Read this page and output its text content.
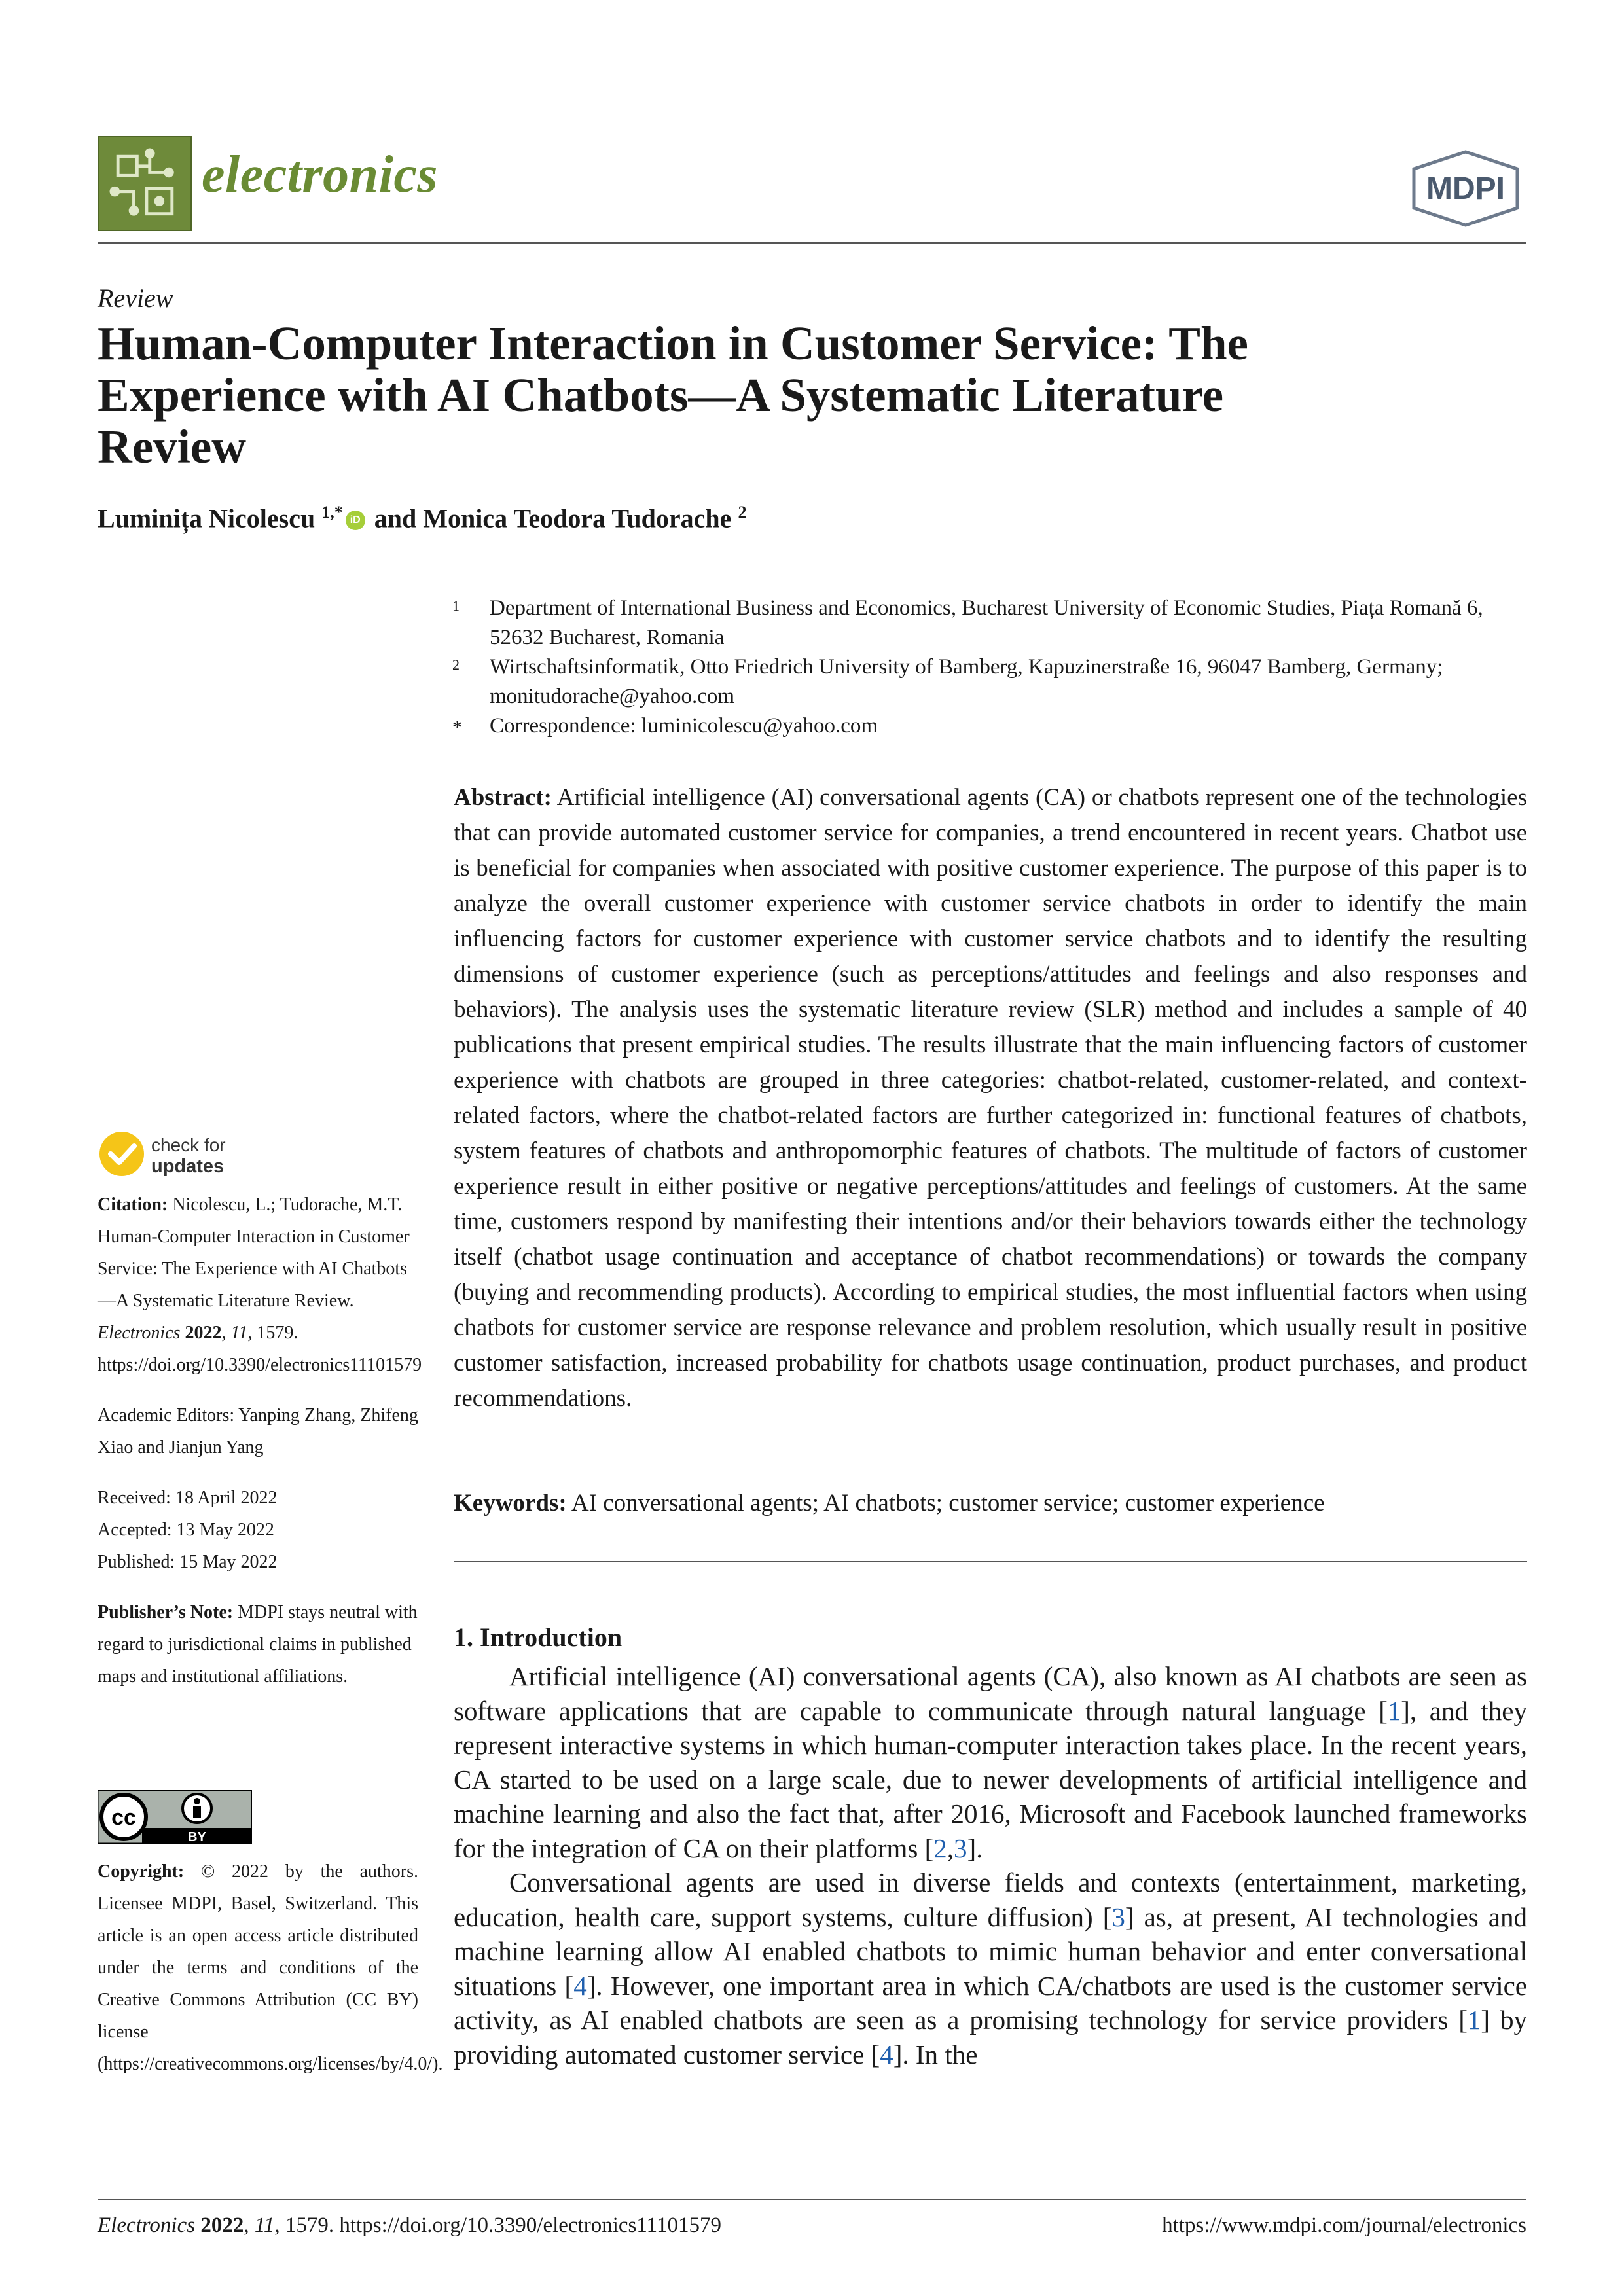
electronics	MDPI
Review
Human-Computer Interaction in Customer Service: The Experience with AI Chatbots—A Systematic Literature Review
Luminița Nicolescu $^{1,*}$ iD and Monica Teodora Tudorache $^2$
1 Department of International Business and Economics, Bucharest University of Economic Studies, Piața Romană 6, 52632 Bucharest, Romania
2 Wirtschaftsinformatik, Otto Friedrich University of Bamberg, Kapuzinerstraße 16, 96047 Bamberg, Germany; monitudorache@yahoo.com
* Correspondence: luminicolescu@yahoo.com
Abstract: Artificial intelligence (AI) conversational agents (CA) or chatbots represent one of the technologies that can provide automated customer service for companies, a trend encountered in recent years. Chatbot use is beneficial for companies when associated with positive customer experience. The purpose of this paper is to analyze the overall customer experience with customer service chatbots in order to identify the main influencing factors for customer experience with customer service chatbots and to identify the resulting dimensions of customer experience (such as perceptions/attitudes and feelings and also responses and behaviors). The analysis uses the systematic literature review (SLR) method and includes a sample of 40 publications that present empirical studies. The results illustrate that the main influencing factors of customer experience with chatbots are grouped in three categories: chatbot-related, customer-related, and context-related factors, where the chatbot-related factors are further categorized in: functional features of chatbots, system features of chatbots and anthropomorphic features of chatbots. The multitude of factors of customer experience result in either positive or negative perceptions/attitudes and feelings of customers. At the same time, customers respond by manifesting their intentions and/or their behaviors towards either the technology itself (chatbot usage continuation and acceptance of chatbot recommendations) or towards the company (buying and recommending products). According to empirical studies, the most influential factors when using chatbots for customer service are response relevance and problem resolution, which usually result in positive customer satisfaction, increased probability for chatbots usage continuation, product purchases, and product recommendations.
Keywords: AI conversational agents; AI chatbots; customer service; customer experience
1. Introduction

Artificial intelligence (AI) conversational agents (CA), also known as AI chatbots are seen as software applications that are capable to communicate through natural language [1], and they represent interactive systems in which human-computer interaction takes place. In the recent years, CA started to be used on a large scale, due to newer developments of artificial intelligence and machine learning and also the fact that, after 2016, Microsoft and Facebook launched frameworks for the integration of CA on their platforms [2,3].

Conversational agents are used in diverse fields and contexts (entertainment, marketing, education, health care, support systems, culture diffusion) [3] as, at present, AI technologies and machine learning allow AI enabled chatbots to mimic human behavior and enter conversational situations [4]. However, one important area in which CA/chatbots are used is the customer service activity, as AI enabled chatbots are seen as a promising technology for service providers [1] by providing automated customer service [4]. In the

check for
updates
Citation: Nicolescu, L.; Tudorache, M.T. Human-Computer Interaction in Customer Service: The Experience with AI Chatbots—A Systematic Literature Review. Electronics 2022, 11, 1579. https://doi.org/10.3390/electronics11101579
Academic Editors: Yanping Zhang, Zhifeng Xiao and Jianjun Yang
Received: 18 April 2022
Accepted: 13 May 2022
Published: 15 May 2022
Publisher’s Note: MDPI stays neutral with regard to jurisdictional claims in published maps and institutional affiliations.
cc
BY
Copyright: © 2022 by the authors. Licensee MDPI, Basel, Switzerland. This article is an open access article distributed under the terms and conditions of the Creative Commons Attribution (CC BY) license (https://creativecommons.org/licenses/by/4.0/).
Electronics 2022, 11, 1579. https://doi.org/10.3390/electronics11101579	https://www.mdpi.com/journal/electronics
